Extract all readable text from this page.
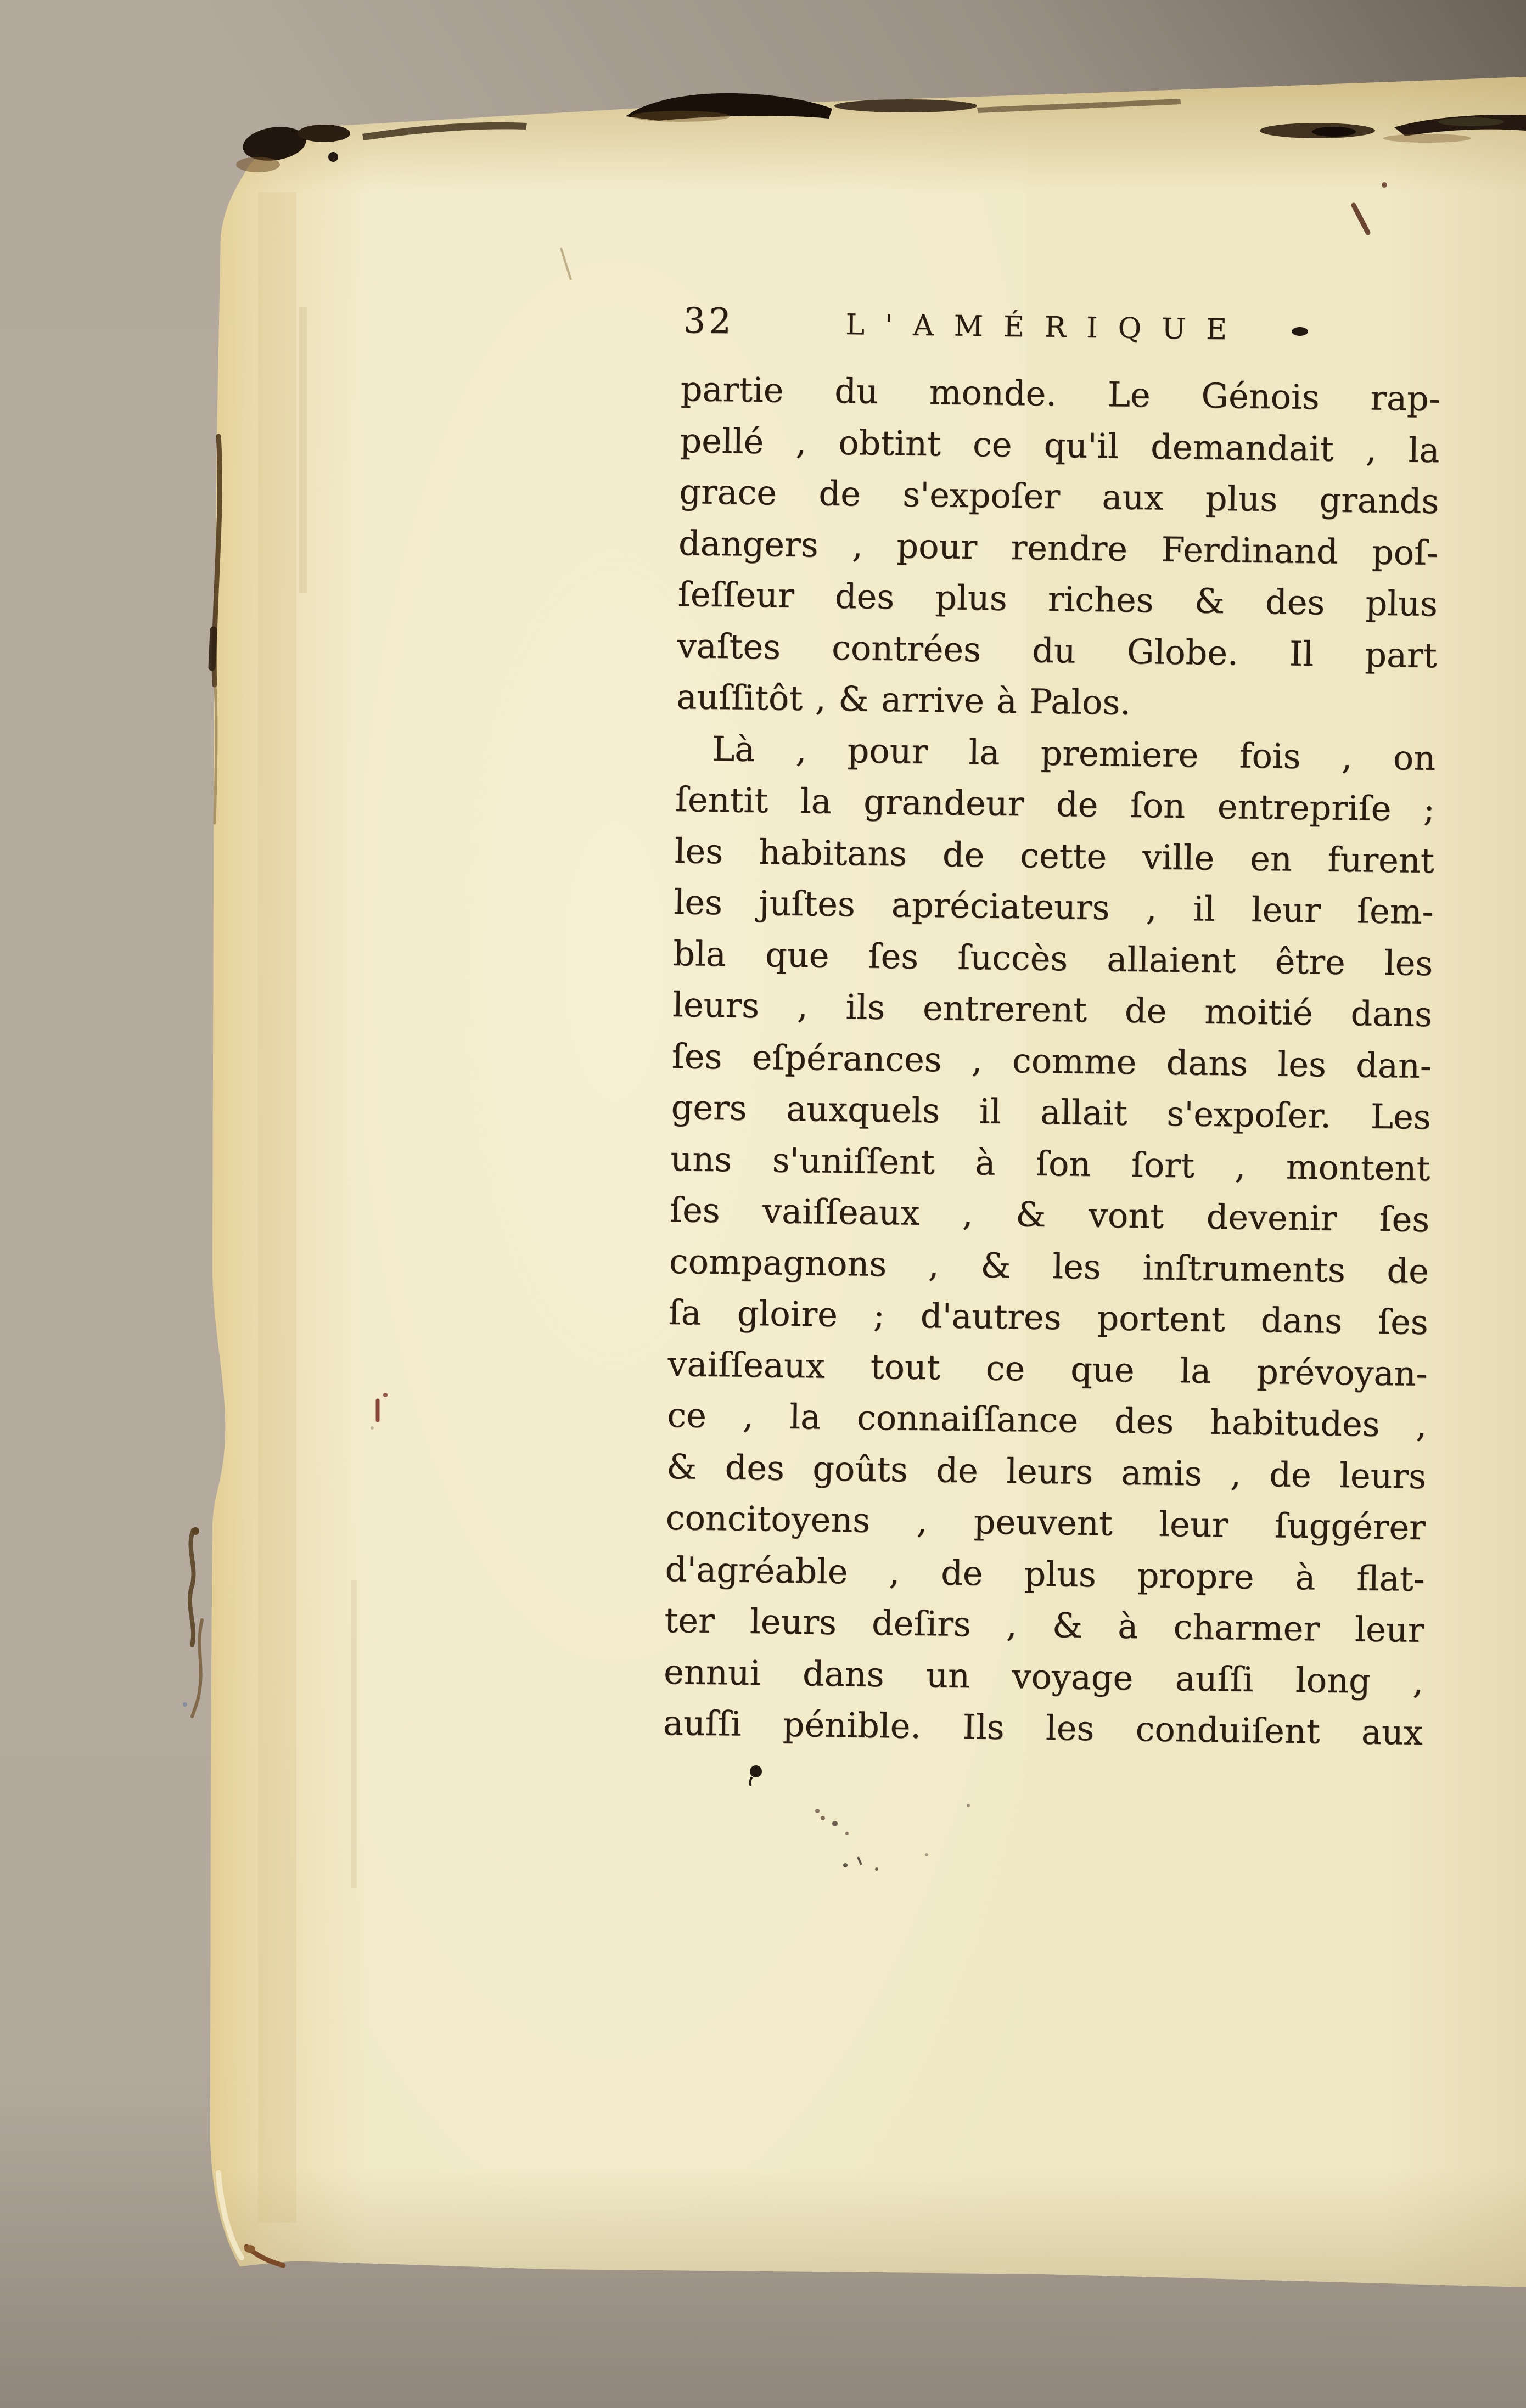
32	L'AMÉRIQUE
partie du monde. Le Génois rap-
pellé , obtint ce qu'il demandait , la
grace de s'expoſer aux plus grands
dangers , pour rendre Ferdinand poſ-
ſeſſeur des plus riches & des plus
vaſtes contrées du Globe. Il part
auſſitôt , & arrive à Palos.
Là , pour la premiere fois , on
ſentit la grandeur de ſon entrepriſe ;
les habitans de cette ville en furent
les juſtes apréciateurs , il leur ſem-
bla que ſes ſuccès allaient être les
leurs , ils entrerent de moitié dans
ſes eſpérances , comme dans les dan-
gers auxquels il allait s'expoſer. Les
uns s'uniſſent à ſon ſort , montent
ſes vaiſſeaux , & vont devenir ſes
compagnons , & les inſtruments de
ſa gloire ; d'autres portent dans ſes
vaiſſeaux tout ce que la prévoyan-
ce , la connaiſſance des habitudes ,
& des goûts de leurs amis , de leurs
concitoyens , peuvent leur ſuggérer
d'agréable , de plus propre à flat-
ter leurs deſirs , & à charmer leur
ennui dans un voyage auſſi long ,
auſſi pénible. Ils les conduiſent aux
